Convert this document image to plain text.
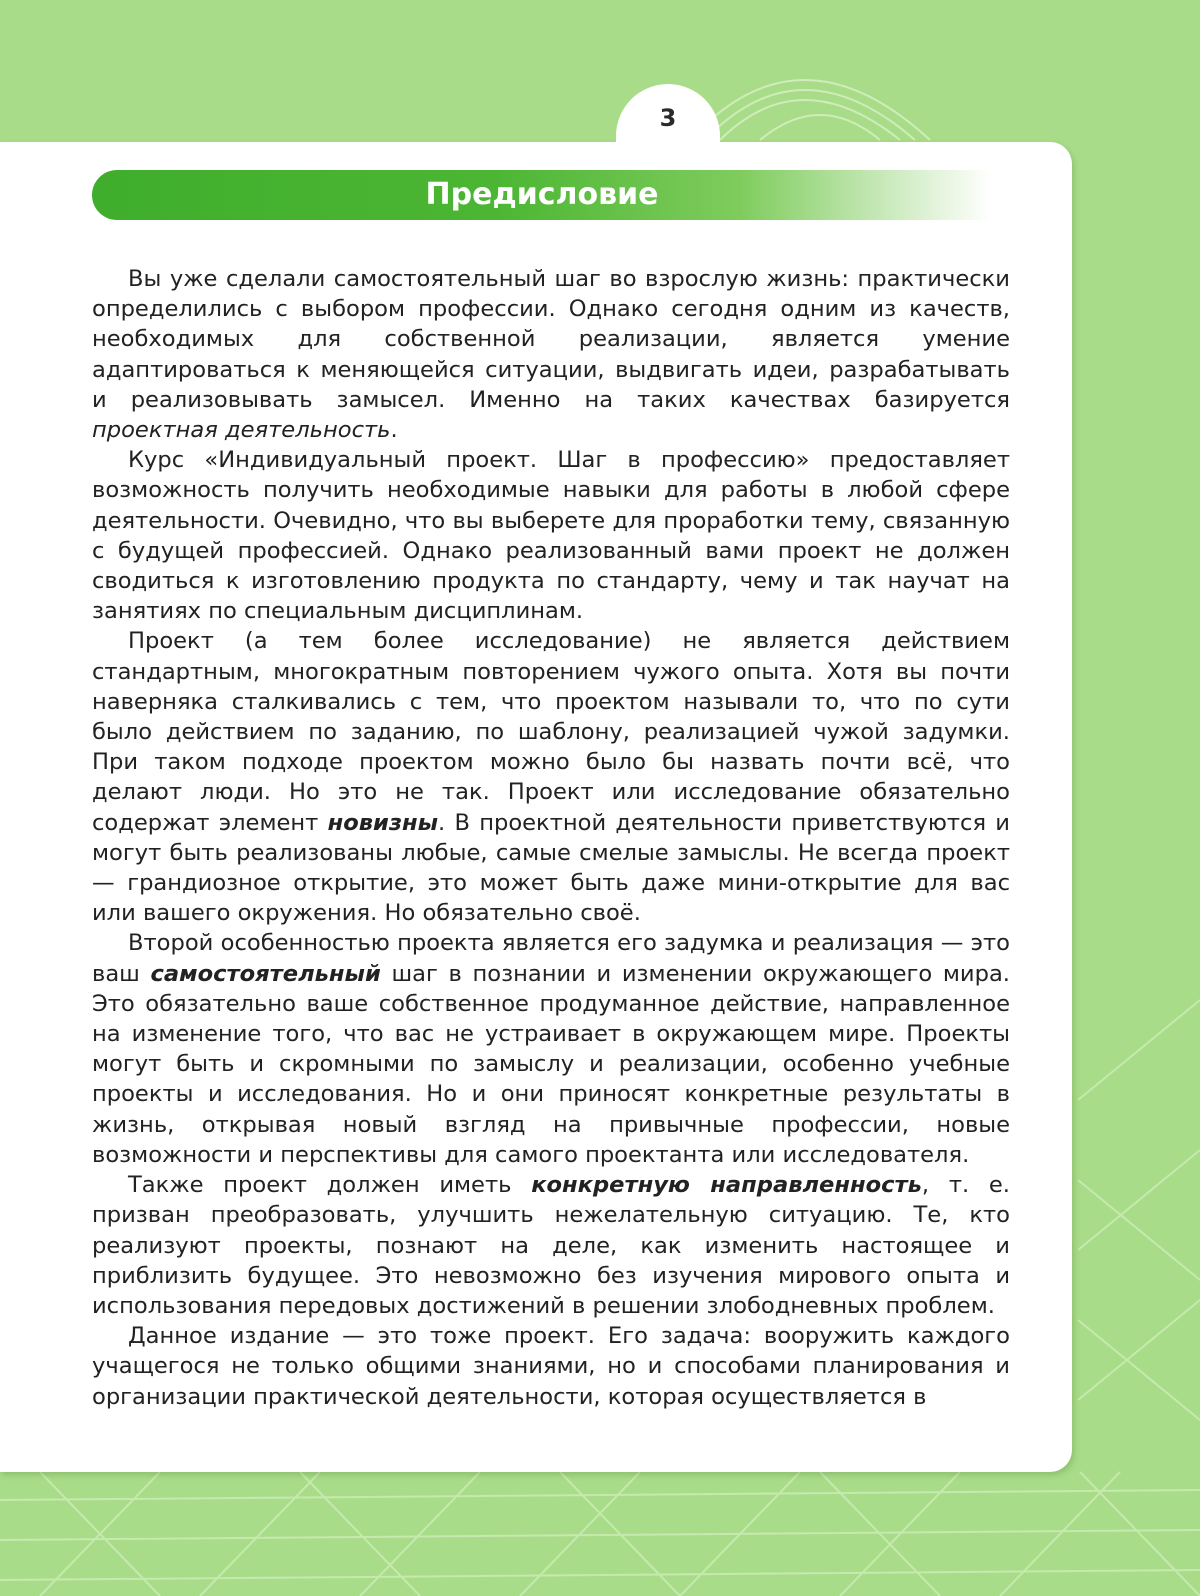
3
Предисловие

Вы уже сделали самостоятельный шаг во взрослую жизнь: практически определились с выбором профессии. Однако сегодня одним из качеств, необходимых для собственной реализации, является умение адаптироваться к меняющейся ситуации, выдвигать идеи, разрабатывать и реализовывать замысел. Именно на таких качествах базируется проектная деятельность.

Курс «Индивидуальный проект. Шаг в профессию» предоставляет возможность получить необходимые навыки для работы в любой сфере деятельности. Очевидно, что вы выберете для проработки тему, связанную с будущей профессией. Однако реализованный вами проект не должен сводиться к изготовлению продукта по стандарту, чему и так научат на занятиях по специальным дисциплинам.

Проект (а тем более исследование) не является действием стандартным, многократным повторением чужого опыта. Хотя вы почти наверняка сталкивались с тем, что проектом называли то, что по сути было действием по заданию, по шаблону, реализацией чужой задумки. При таком подходе проектом можно было бы назвать почти всё, что делают люди. Но это не так. Проект или исследование обязательно содержат элемент новизны. В проектной деятельности приветствуются и могут быть реализованы любые, самые смелые замыслы. Не всегда проект — грандиозное открытие, это может быть даже мини-открытие для вас или вашего окружения. Но обязательно своё.

Второй особенностью проекта является его задумка и реализация — это ваш самостоятельный шаг в познании и изменении окружающего мира. Это обязательно ваше собственное продуманное действие, направленное на изменение того, что вас не устраивает в окружающем мире. Проекты могут быть и скромными по замыслу и реализации, особенно учебные проекты и исследования. Но и они приносят конкретные результаты в жизнь, открывая новый взгляд на привычные профессии, новые возможности и перспективы для самого проектанта или исследователя.

Также проект должен иметь конкретную направленность, т. е. призван преобразовать, улучшить нежелательную ситуацию. Те, кто реализуют проекты, познают на деле, как изменить настоящее и приблизить будущее. Это невозможно без изучения мирового опыта и использования передовых достижений в решении злободневных проблем.

Данное издание — это тоже проект. Его задача: вооружить каждого учащегося не только общими знаниями, но и способами планирования и организации практической деятельности, которая осуществляется в
